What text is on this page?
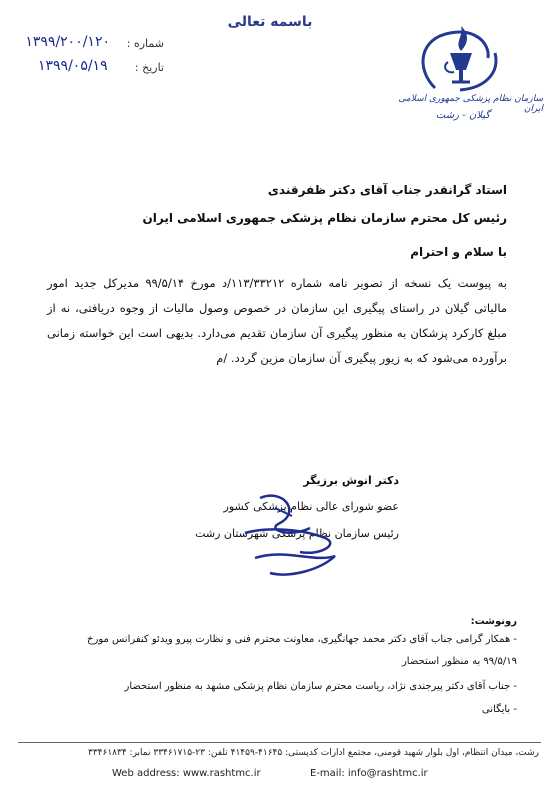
باسمه تعالی
۱۳۹۹/۲۰۰/۱۲۰	شماره :
۱۳۹۹/۰۵/۱۹	تاریخ :
سازمان نظام پزشکی جمهوری اسلامی ایران
گیلان - رشت
استاد گرانقدر جناب آقای دکتر ظفرقندی
رئیس کل محترم سازمان نظام پزشکی جمهوری اسلامی ایران
با سلام و احترام
به پیوست یک نسخه از تصویر نامه شماره ۱۱۳/۳۳۲۱۲/د مورخ ۹۹/۵/۱۴ مدیرکل جدید امور مالیاتی گیلان در راستای پیگیری این سازمان در خصوص وصول مالیات از وجوه دریافتی، نه از مبلغ کارکرد پزشکان به منظور پیگیری آن سازمان تقدیم می‌دارد. بدیهی است این خواسته زمانی برآورده می‌شود که به زیور پیگیری آن سازمان مزین گردد. /م
دکتر انوش برزیگر
عضو شورای عالی نظام پزشکی کشور
رئیس سازمان نظام پزشکی شهرستان رشت
رونوشت:
- همکار گرامی جناب آقای دکتر محمد جهانگیری، معاونت محترم فنی و نظارت پیرو ویدئو کنفرانس مورخ
۹۹/۵/۱۹ به منظور استحضار
- جناب آقای دکتر پیرجندی نژاد، ریاست محترم سازمان نظام پزشکی مشهد به منظور استحضار
- بایگانی
رشت، میدان انتظام، اول بلوار شهید قومنی، مجتمع ادارات کدپستی: ۴۱۶۴۵-۴۱۴۵۹ تلفن: ۲۳-۳۳۴۶۱۷۱۵ نمابر: ۳۳۴۶۱۸۳۴
Web address: www.rashtmc.ir	E-mail: info@rashtmc.ir
